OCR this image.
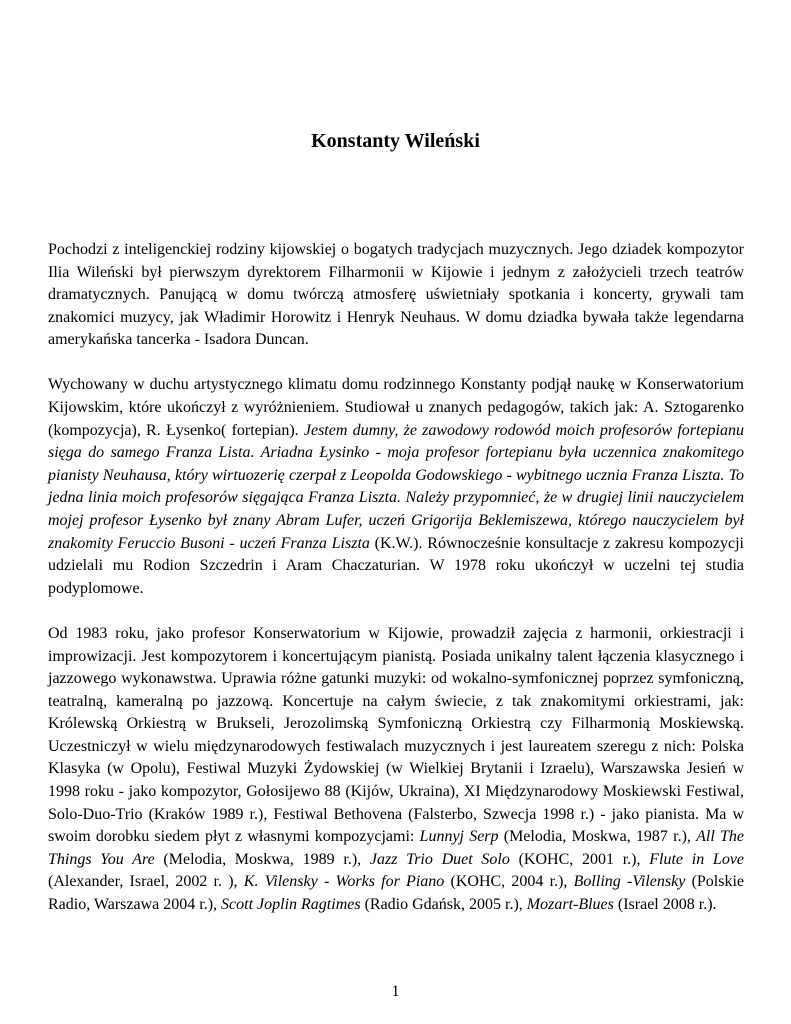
Konstanty Wileński

Pochodzi z inteligenckiej rodziny kijowskiej o bogatych tradycjach muzycznych. Jego dziadek kompozytor Ilia Wileński był pierwszym dyrektorem Filharmonii w Kijowie i jednym z założycieli trzech teatrów dramatycznych. Panującą w domu twórczą atmosferę uświetniały spotkania i koncerty, grywali tam znakomici muzycy, jak Władimir Horowitz i Henryk Neuhaus. W domu dziadka bywała także legendarna amerykańska tancerka - Isadora Duncan.

Wychowany w duchu artystycznego klimatu domu rodzinnego Konstanty podjął naukę w Konserwatorium Kijowskim, które ukończył z wyróżnieniem. Studiował u znanych pedagogów, takich jak: A. Sztogarenko (kompozycja), R. Łysenko( fortepian). Jestem dumny, że zawodowy rodowód moich profesorów fortepianu sięga do samego Franza Lista. Ariadna Łysinko - moja profesor fortepianu była uczennica znakomitego pianisty Neuhausa, który wirtuozerię czerpał z Leopolda Godowskiego - wybitnego ucznia Franza Liszta. To jedna linia moich profesorów sięgająca Franza Liszta. Należy przypomnieć, że w drugiej linii nauczycielem mojej profesor Łysenko był znany Abram Lufer, uczeń Grigorija Beklemiszewa, którego nauczycielem był znakomity Feruccio Busoni - uczeń Franza Liszta (K.W.). Równocześnie konsultacje z zakresu kompozycji udzielali mu Rodion Szczedrin i Aram Chaczaturian. W 1978 roku ukończył w uczelni tej studia podyplomowe.

Od 1983 roku, jako profesor Konserwatorium w Kijowie, prowadził zajęcia z harmonii, orkiestracji i improwizacji. Jest kompozytorem i koncertującym pianistą. Posiada unikalny talent łączenia klasycznego i jazzowego wykonawstwa. Uprawia różne gatunki muzyki: od wokalno-symfonicznej poprzez symfoniczną, teatralną, kameralną po jazzową. Koncertuje na całym świecie, z tak znakomitymi orkiestrami, jak: Królewską Orkiestrą w Brukseli, Jerozolimską Symfoniczną Orkiestrą czy Filharmonią Moskiewską. Uczestniczył w wielu międzynarodowych festiwalach muzycznych i jest laureatem szeregu z nich: Polska Klasyka (w Opolu), Festiwal Muzyki Żydowskiej (w Wielkiej Brytanii i Izraelu), Warszawska Jesień w 1998 roku - jako kompozytor, Gołosijewo 88 (Kijów, Ukraina), XI Międzynarodowy Moskiewski Festiwal, Solo-Duo-Trio (Kraków 1989 r.), Festiwal Bethovena (Falsterbo, Szwecja 1998 r.) - jako pianista. Ma w swoim dorobku siedem płyt z własnymi kompozycjami: Lunnyj Serp (Melodia, Moskwa, 1987 r.), All The Things You Are (Melodia, Moskwa, 1989 r.), Jazz Trio Duet Solo (KOHC, 2001 r.), Flute in Love (Alexander, Israel, 2002 r. ), K. Vilensky - Works for Piano (KOHC, 2004 r.), Bolling -Vilensky (Polskie Radio, Warszawa 2004 r.), Scott Joplin Ragtimes (Radio Gdańsk, 2005 r.), Mozart-Blues (Israel 2008 r.).

1
